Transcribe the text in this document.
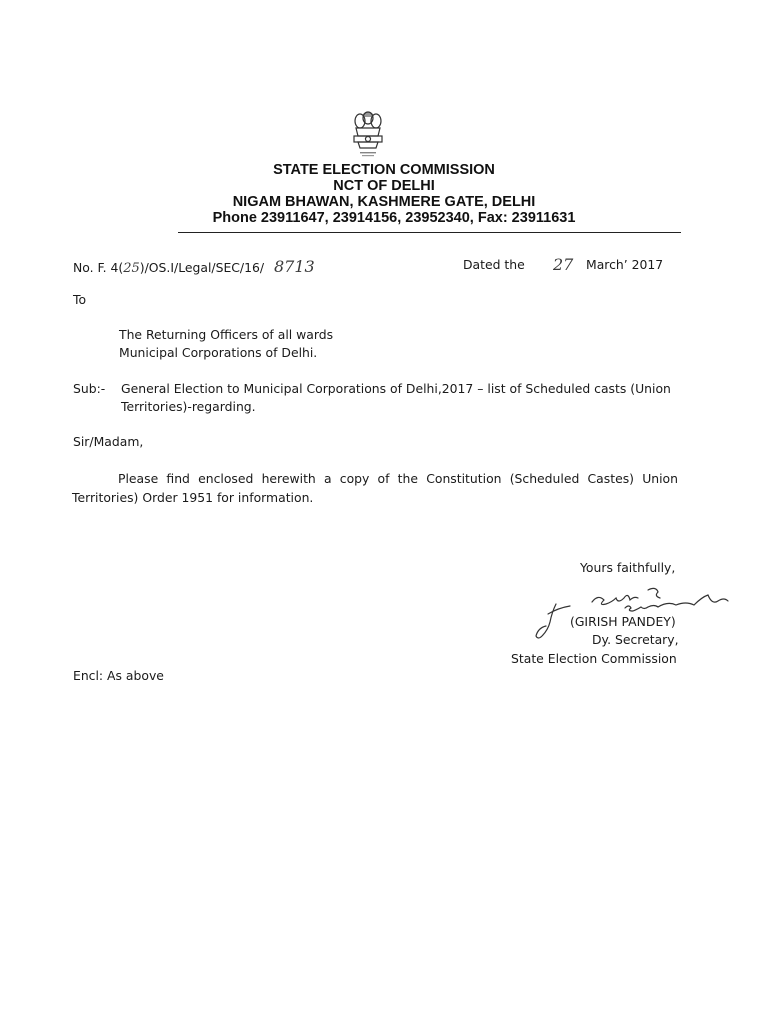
STATE ELECTION COMMISSION
NCT OF DELHI
NIGAM BHAWAN, KASHMERE GATE, DELHI
Phone 23911647, 23914156, 23952340, Fax: 23911631
No. F. 4(25)/OS.I/Legal/SEC/16/ 8713	Dated the 27 March’ 2017
To
The Returning Officers of all wards
Municipal Corporations of Delhi.
Sub:- General Election to Municipal Corporations of Delhi,2017 – list of Scheduled casts (Union
Territories)-regarding.
Sir/Madam,
Please find enclosed herewith a copy of the Constitution (Scheduled Castes) Union Territories) Order 1951 for information.
Yours faithfully,
(GIRISH PANDEY)
Dy. Secretary,
State Election Commission
Encl: As above
